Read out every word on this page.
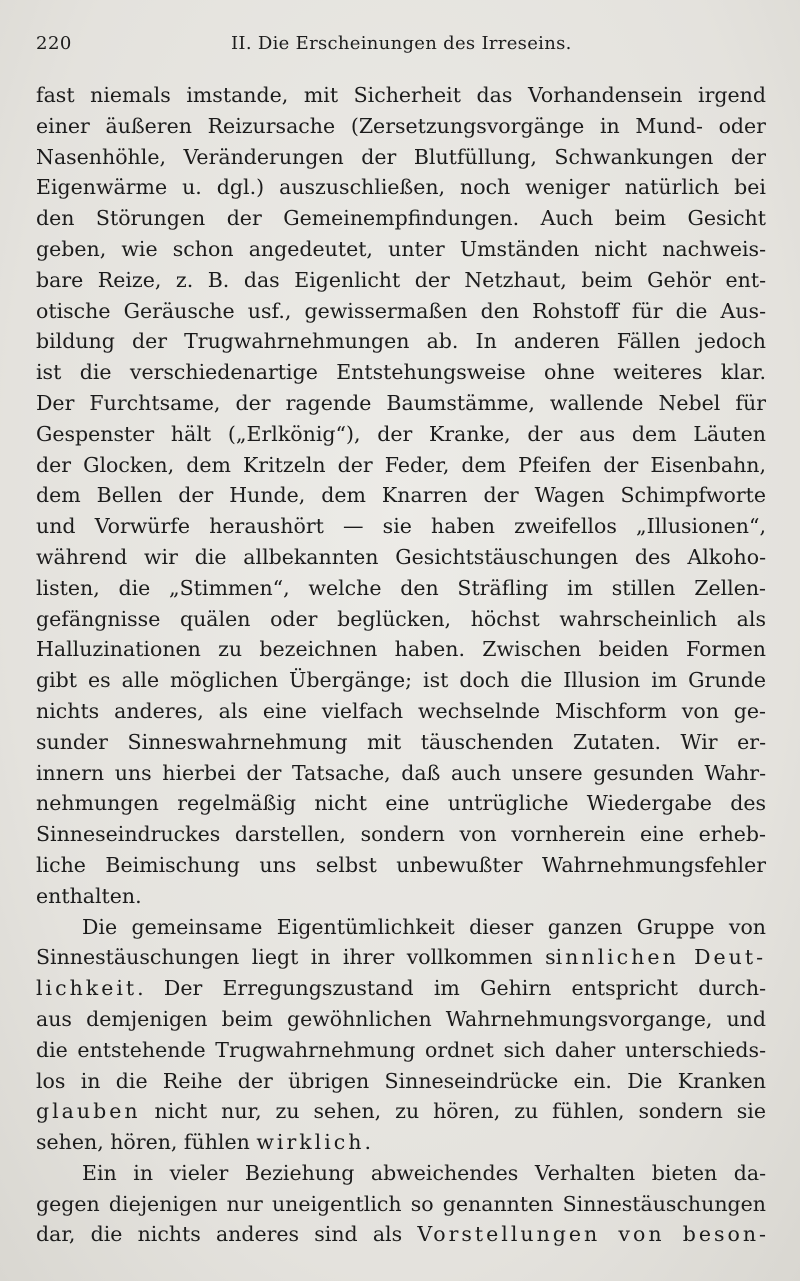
220	II. Die Erscheinungen des Irreseins.
fast niemals imstande, mit Sicherheit das Vorhandensein irgend
einer äußeren Reizursache (Zersetzungsvorgänge in Mund- oder
Nasenhöhle, Veränderungen der Blutfüllung, Schwankungen der
Eigenwärme u. dgl.) auszuschließen, noch weniger natürlich bei
den Störungen der Gemeinempfindungen. Auch beim Gesicht
geben, wie schon angedeutet, unter Umständen nicht nachweis-
bare Reize, z. B. das Eigenlicht der Netzhaut, beim Gehör ent-
otische Geräusche usf., gewissermaßen den Rohstoff für die Aus-
bildung der Trugwahrnehmungen ab. In anderen Fällen jedoch
ist die verschiedenartige Entstehungsweise ohne weiteres klar.
Der Furchtsame, der ragende Baumstämme, wallende Nebel für
Gespenster hält („Erlkönig“), der Kranke, der aus dem Läuten
der Glocken, dem Kritzeln der Feder, dem Pfeifen der Eisenbahn,
dem Bellen der Hunde, dem Knarren der Wagen Schimpfworte
und Vorwürfe heraushört — sie haben zweifellos „Illusionen“,
während wir die allbekannten Gesichtstäuschungen des Alkoho-
listen, die „Stimmen“, welche den Sträfling im stillen Zellen-
gefängnisse quälen oder beglücken, höchst wahrscheinlich als
Halluzinationen zu bezeichnen haben. Zwischen beiden Formen
gibt es alle möglichen Übergänge; ist doch die Illusion im Grunde
nichts anderes, als eine vielfach wechselnde Mischform von ge-
sunder Sinneswahrnehmung mit täuschenden Zutaten. Wir er-
innern uns hierbei der Tatsache, daß auch unsere gesunden Wahr-
nehmungen regelmäßig nicht eine untrügliche Wiedergabe des
Sinneseindruckes darstellen, sondern von vornherein eine erheb-
liche Beimischung uns selbst unbewußter Wahrnehmungsfehler
enthalten.
Die gemeinsame Eigentümlichkeit dieser ganzen Gruppe von
Sinnestäuschungen liegt in ihrer vollkommen sinnlichen Deut-
lichkeit. Der Erregungszustand im Gehirn entspricht durch-
aus demjenigen beim gewöhnlichen Wahrnehmungsvorgange, und
die entstehende Trugwahrnehmung ordnet sich daher unterschieds-
los in die Reihe der übrigen Sinneseindrücke ein. Die Kranken
glauben nicht nur, zu sehen, zu hören, zu fühlen, sondern sie
sehen, hören, fühlen wirklich.
Ein in vieler Beziehung abweichendes Verhalten bieten da-
gegen diejenigen nur uneigentlich so genannten Sinnestäuschungen
dar, die nichts anderes sind als Vorstellungen von beson-
